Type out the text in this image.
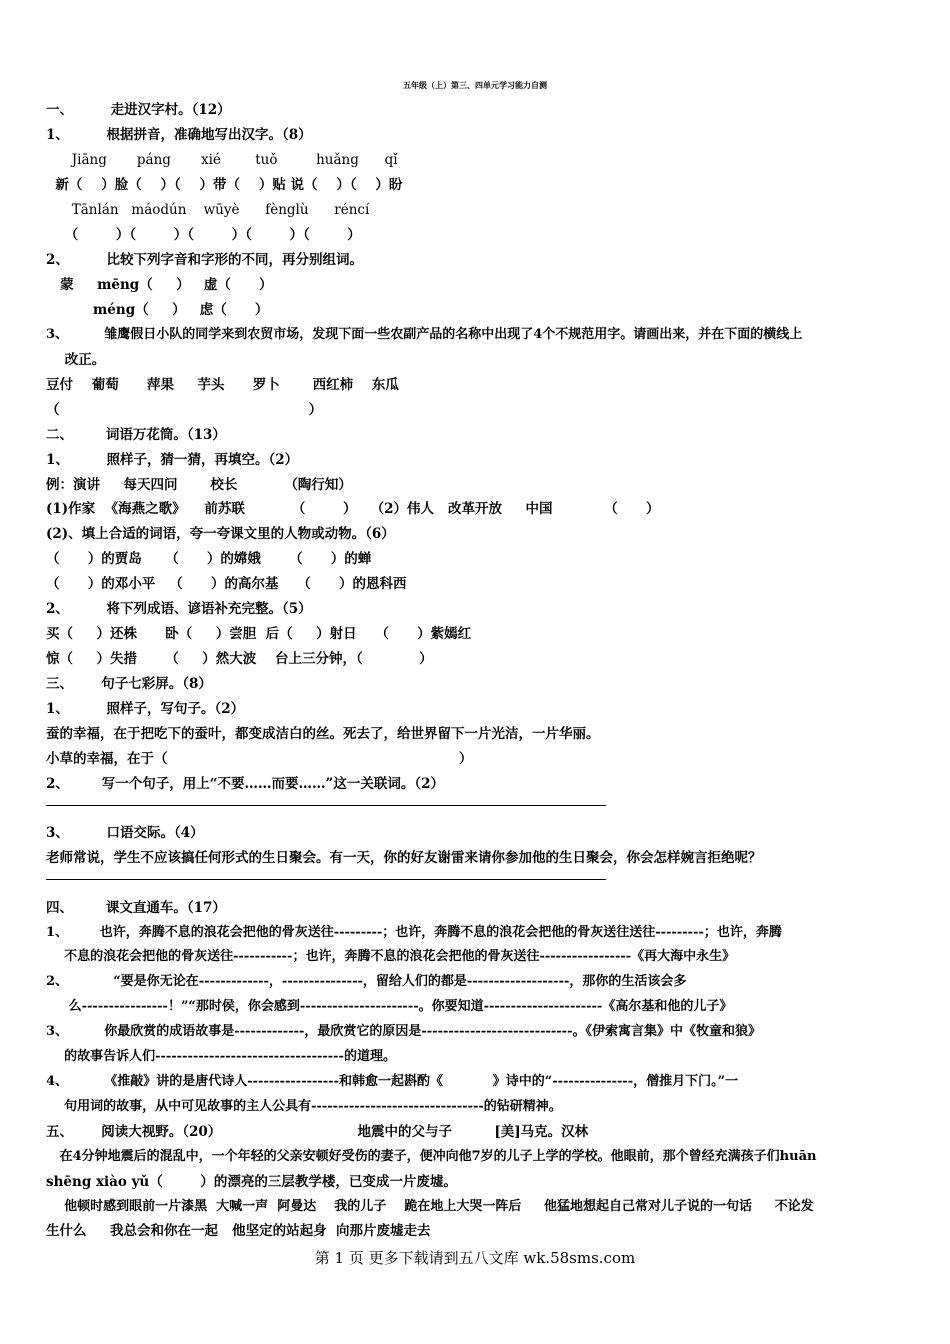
五年级（上）第三、四单元学习能力自测
一、        走进汉字村。（12）
1、        根据拼音，准确地写出汉字。（8）
Jiāng       páng       xié        tuǒ         huǎng      qǐ
新（    ）脸（    ）（    ）带（    ）贴 说（    ）（    ）盼
Tānlán   máodún    wūyè      fènglù      réncí
（        ）（        ）（        ）（        ）（        ）
2、        比较下列字音和字形的不同，再分别组词。
蒙     mēng（     ）   虚（      ）
méng（     ）   虑（      ）
3、        雏鹰假日小队的同学来到农贸市场，发现下面一些农副产品的名称中出现了4个不规范用字。请画出来，并在下面的横线上
改正。
豆付    葡萄      萍果     芋头      罗卜       西红柿    东瓜
（                                                     ）
二、       词语万花筒。（13）
1、        照样子，猜一猜，再填空。（2）
例：演讲     每天四问       校长          （陶行知）
(1)作家  《海燕之歌》    前苏联          （        ）   （2）伟人   改革开放     中国           （      ）
(2)、填上合适的词语，夸一夸课文里的人物或动物。（6）
（      ）的贾岛     （      ）的嫦娥      （      ）的蝉
（      ）的邓小平   （      ）的高尔基    （      ）的恩科西
2、        将下列成语、谚语补充完整。（5）
买（     ）还株      卧（     ）尝胆  后（     ）射日    （      ）紫嫣红
惊（     ）失措      （     ）然大波    台上三分钟，（            ）
三、      句子七彩屏。（8）
1、        照样子，写句子。（2）
蚕的幸福，在于把吃下的蚕叶，都变成洁白的丝。死去了，给世界留下一片光洁，一片华丽。
小草的幸福，在于（                                                              ）
2、       写一个句子，用上“不要……而要……”这一关联词。（2）
3、        口语交际。（4）
老师常说，学生不应该搞任何形式的生日聚会。有一天，你的好友谢雷来请你参加他的生日聚会，你会怎样婉言拒绝呢？
四、       课文直通车。（17）
1、       也许，奔腾不息的浪花会把他的骨灰送往---------；也许，奔腾不息的浪花会把他的骨灰送往送往---------；也许，奔腾
不息的浪花会把他的骨灰送往-----------；也许，奔腾不息的浪花会把他的骨灰送往-----------------《再大海中永生》
2、          “要是你无论在-------------，---------------，留给人们的都是-------------------，那你的生活该会多
么----------------！”“那时侯，你会感到----------------------。你要知道----------------------《高尔基和他的儿子》
3、        你最欣赏的成语故事是-------------，最欣赏它的原因是----------------------------。《伊索寓言集》中《牧童和狼》
的故事告诉人们-----------------------------------的道理。
4、        《推敲》讲的是唐代诗人-----------------和韩愈一起斟酌《           》诗中的“---------------，僧推月下门。”一
句用词的故事，从中可见故事的主人公具有--------------------------------的钻研精神。
五、      阅读大视野。（20）                             地震中的父与子         [美]马克。汉林
在4分钟地震后的混乱中，一个年轻的父亲安顿好受伤的妻子，便冲向他7岁的儿子上学的学校。他眼前，那个曾经充满孩子们huān
shēng xiào yǔ（        ）的漂亮的三层教学楼，已变成一片废墟。
他顿时感到眼前一片漆黑  大喊一声  阿曼达    我的儿子    跪在地上大哭一阵后     他猛地想起自己常对儿子说的一句话     不论发
生什么     我总会和你在一起   他坚定的站起身  向那片废墟走去
第 1 页 更多下载请到五八文库 wk.58sms.com
